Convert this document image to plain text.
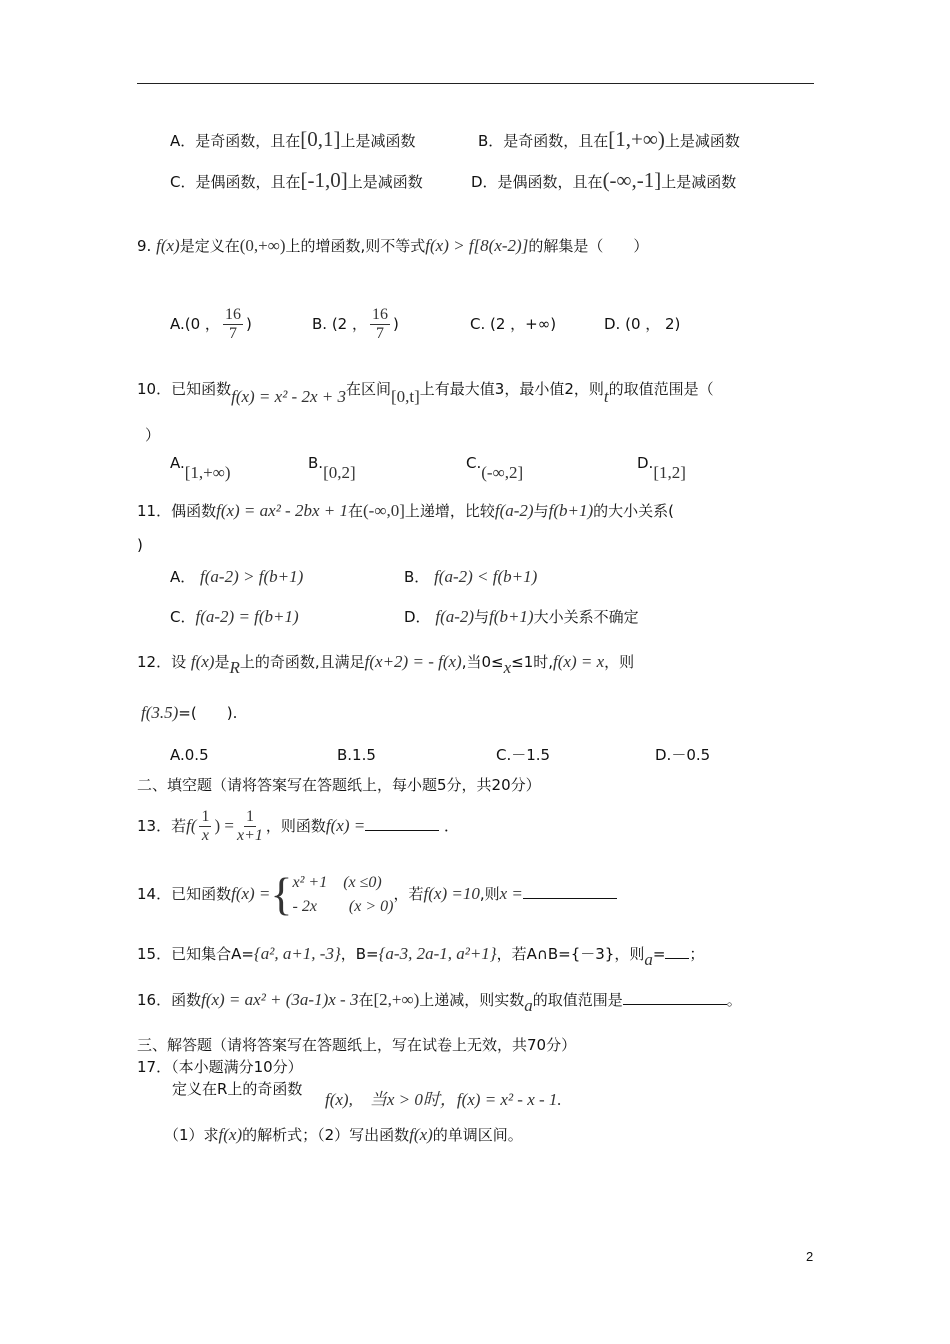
A．是奇函数，且在[0,1]上是减函数	B．是奇函数，且在[1,+∞)上是减函数
C．是偶函数，且在[-1,0]上是减函数	D．是偶函数，且在(-∞,-1]上是减函数
9. f(x)是定义在(0,+∞)上的增函数,则不等式f(x) > f[8(x-2)]的解集是（　　）
A.(0 ， $\frac{16}{7}$ )	B. (2 ， $\frac{16}{7}$ )	C. (2 ，+∞)	D. (0 ， 2)
10．已知函数f(x) = x² - 2x + 3在区间[0,t]上有最大值3，最小值2，则t的取值范围是（
）
A.[1,+∞)	B.[0,2]	C.(-∞,2]	D.[1,2]
11．偶函数f(x) = ax² - 2bx + 1在(-∞,0]上递增，比较f(a-2)与f(b+1)的大小关系(
)
A． f(a-2) > f(b+1)	B． f(a-2) < f(b+1)
C．f(a-2) = f(b+1)	D． f(a-2)与f(b+1)大小关系不确定
12．设 f(x)是R上的奇函数,且满足f(x+2) = - f(x),当0≤x≤1时,f(x) = x，则
f(3.5)=(　　).
A.0.5	B.1.5	C.－1.5	D.－0.5
二、填空题（请将答案写在答题纸上，每小题5分，共20分）
13．若$f( \frac{1}{x}$ ) = $\frac{1}{x+1}$ ，则函数f(x) =	．
14．已知函数f(x) ={ x² +1　(x ≤0)
- 2x　　(x > 0)
，若f(x) =10,则x =
15．已知集合A={a², a+1, -3}，B={a-3, 2a-1, a²+1}，若A∩B={－3}，则a= ；
16．函数f(x) = ax² + (3a-1)x - 3在[2,+∞)上递减，则实数a的取值范围是	。
三、解答题（请将答案写在答题纸上，写在试卷上无效，共70分）
17．（本小题满分10分）
定义在R上的奇函数
f(x),　当x > 0时，f(x) = x² - x - 1.
（1）求f(x)的解析式；（2）写出函数f(x)的单调区间。
2
